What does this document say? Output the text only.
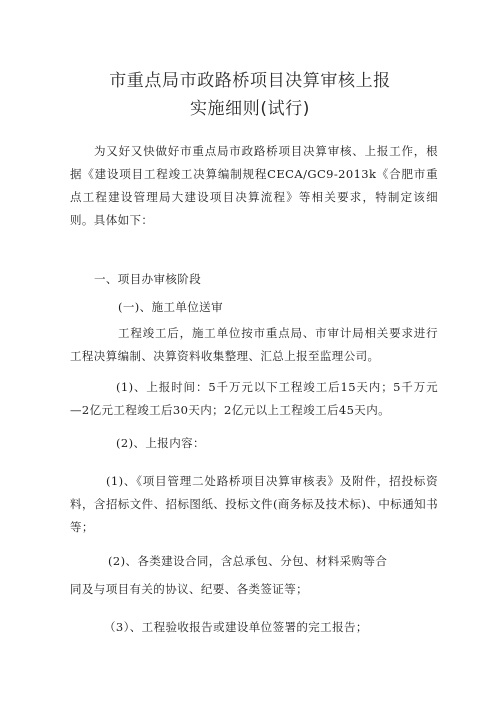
市重点局市政路桥项目决算审核上报
实施细则(试行)
为又好又快做好市重点局市政路桥项目决算审核、上报工作，根据《建设项目工程竣工决算编制规程CECA/GC9-2013k《合肥市重点工程建设管理局大建设项目决算流程》等相关要求，特制定该细则。具体如下：
一、项目办审核阶段
(一)、施工单位送审
工程竣工后，施工单位按市重点局、市审计局相关要求进行工程决算编制、决算资料收集整理、汇总上报至监理公司。
(1)、上报时间：5千万元以下工程竣工后15天内；5千万元—2亿元工程竣工后30天内；2亿元以上工程竣工后45天内。
(2)、上报内容：
(1)、《项目管理二处路桥项目决算审核表》及附件，招投标资料，含招标文件、招标图纸、投标文件(商务标及技术标)、中标通知书等；
(2)、各类建设合同，含总承包、分包、材料采购等合
同及与项目有关的协议、纪要、各类签证等；
（3）、工程验收报告或建设单位签署的完工报告；
